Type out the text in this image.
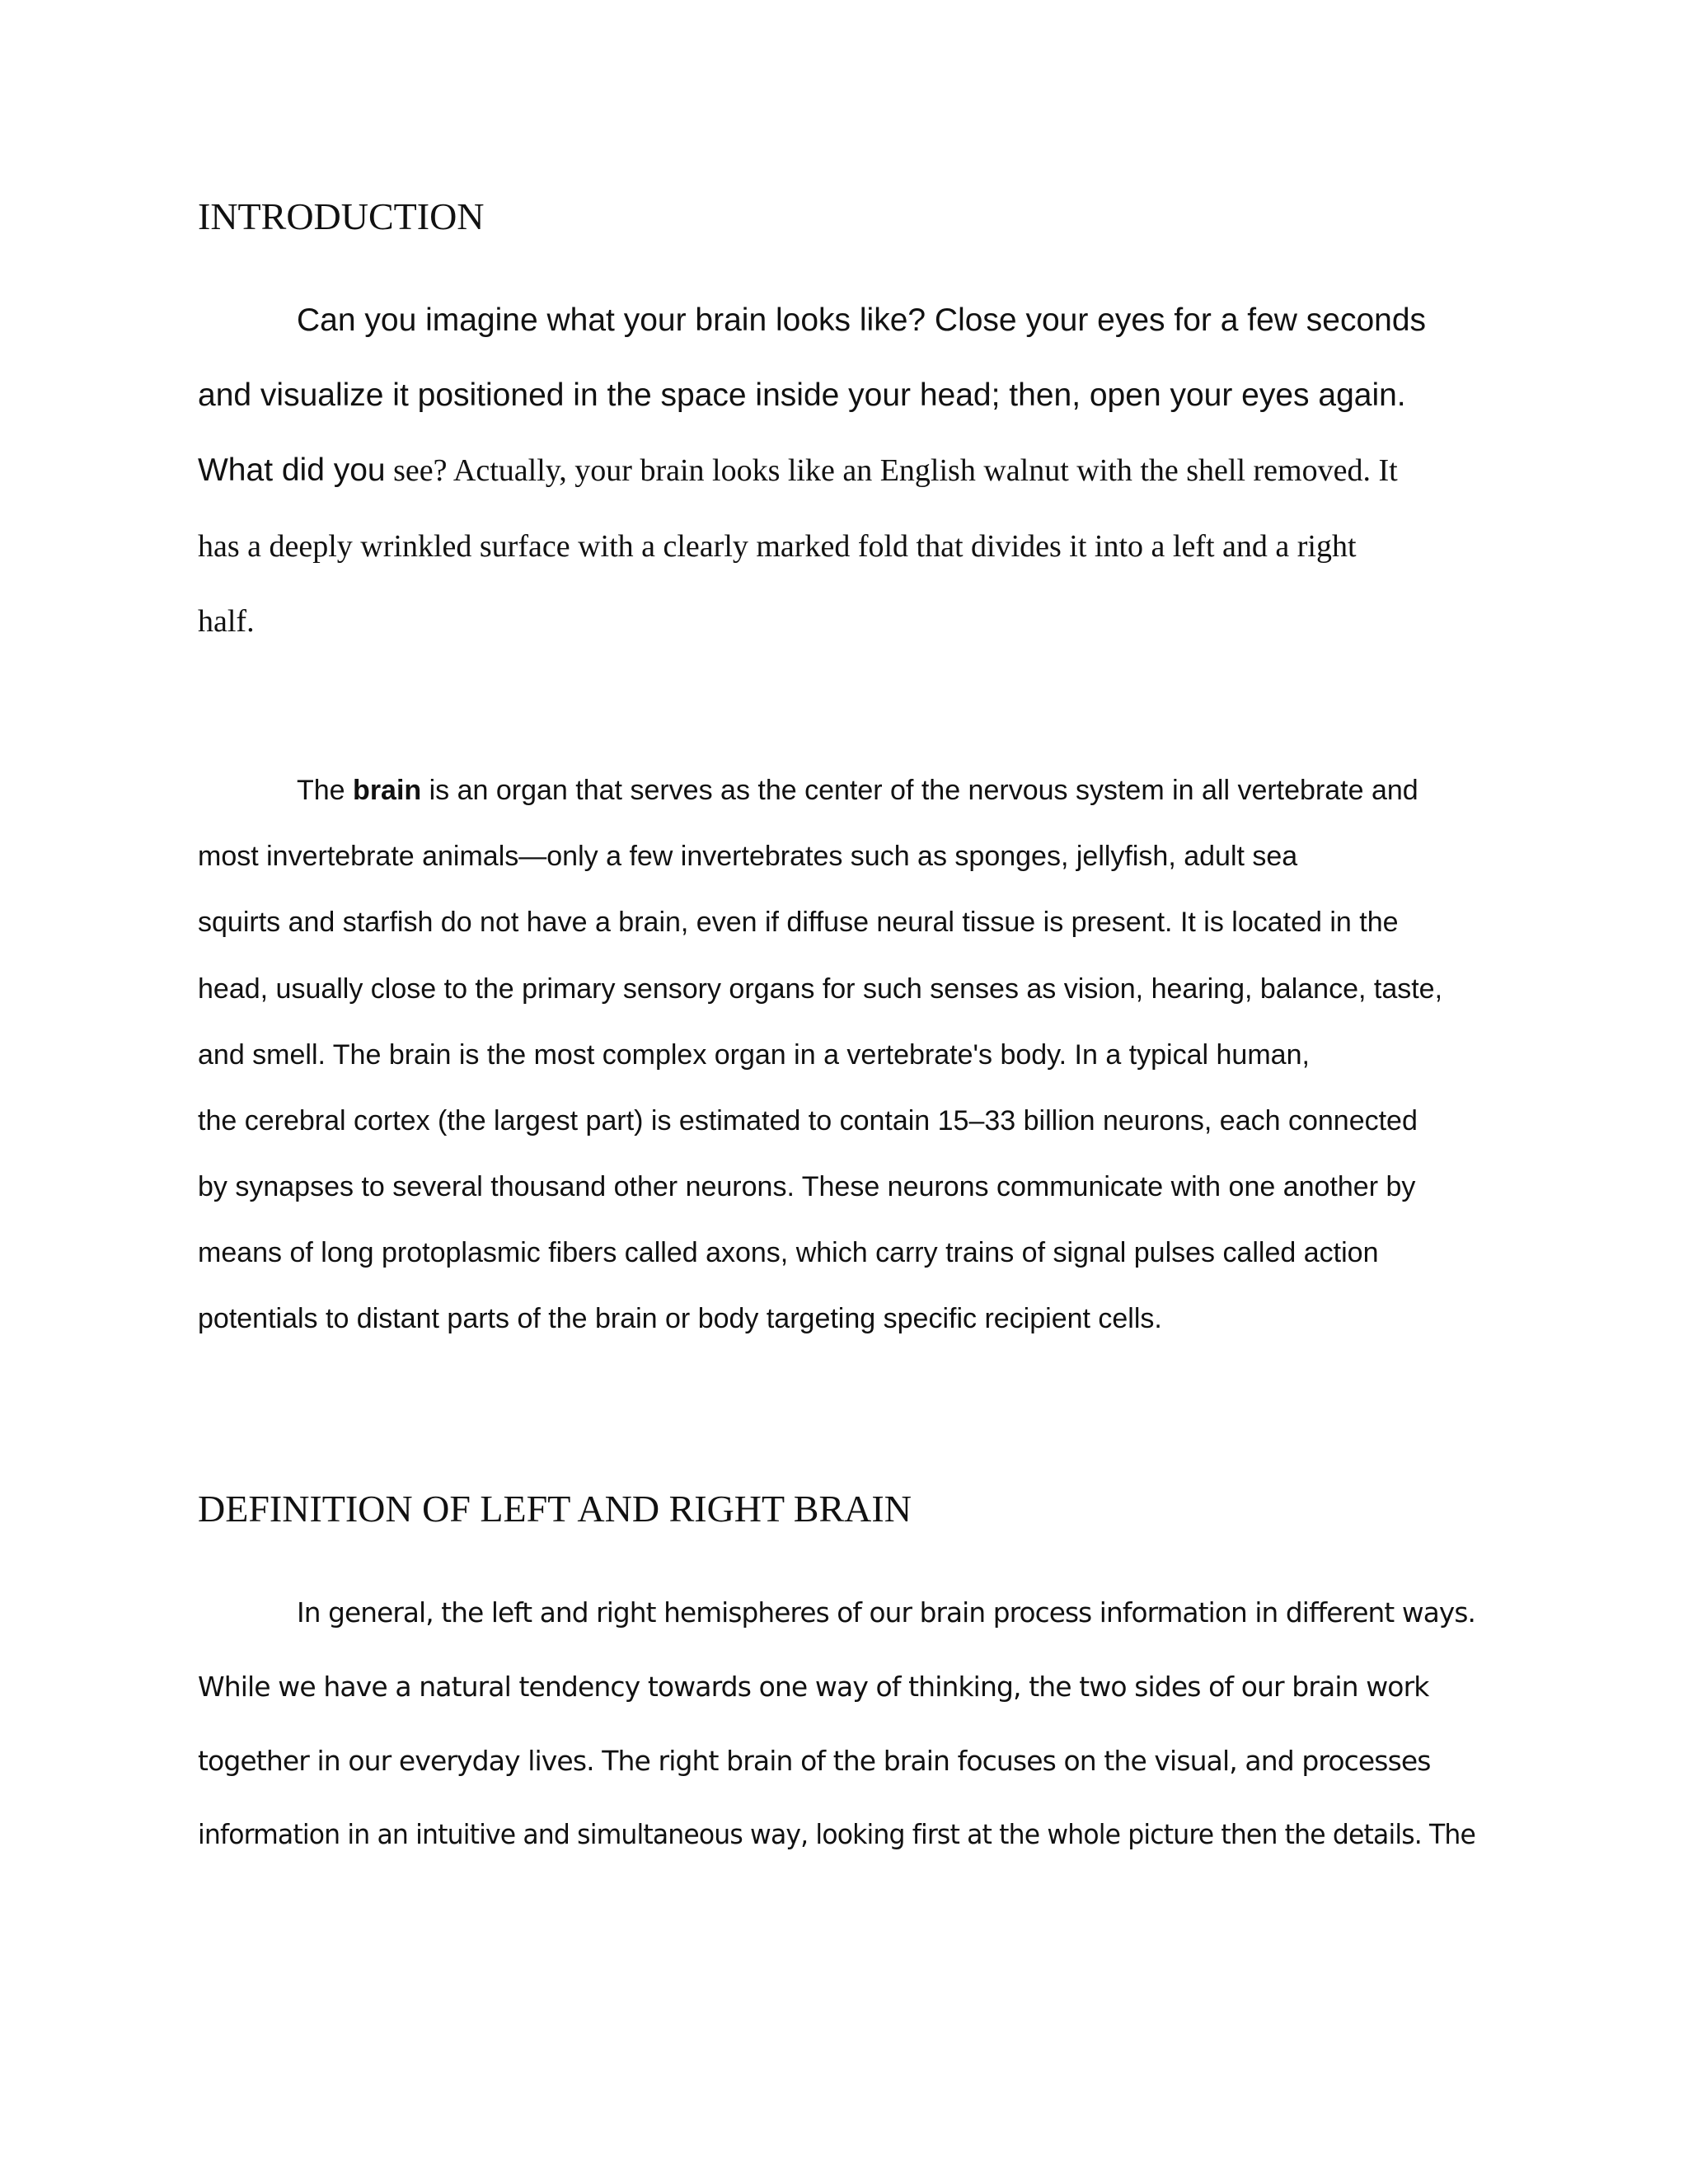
INTRODUCTION
Can you imagine what your brain looks like? Close your eyes for a few seconds
and visualize it positioned in the space inside your head; then, open your eyes again.
What did you see? Actually, your brain looks like an English walnut with the shell removed. It
has a deeply wrinkled surface with a clearly marked fold that divides it into a left and a right
half.
The brain is an organ that serves as the center of the nervous system in all vertebrate and
most invertebrate animals—only a few invertebrates such as sponges, jellyfish, adult sea
squirts and starfish do not have a brain, even if diffuse neural tissue is present. It is located in the
head, usually close to the primary sensory organs for such senses as vision, hearing, balance, taste,
and smell. The brain is the most complex organ in a vertebrate's body. In a typical human,
the cerebral cortex (the largest part) is estimated to contain 15–33 billion neurons, each connected
by synapses to several thousand other neurons. These neurons communicate with one another by
means of long protoplasmic fibers called axons, which carry trains of signal pulses called action
potentials to distant parts of the brain or body targeting specific recipient cells.
DEFINITION OF LEFT AND RIGHT BRAIN
In general, the left and right hemispheres of our brain process information in different ways.
While we have a natural tendency towards one way of thinking, the two sides of our brain work
together in our everyday lives. The right brain of the brain focuses on the visual, and processes
information in an intuitive and simultaneous way, looking first at the whole picture then the details. The
